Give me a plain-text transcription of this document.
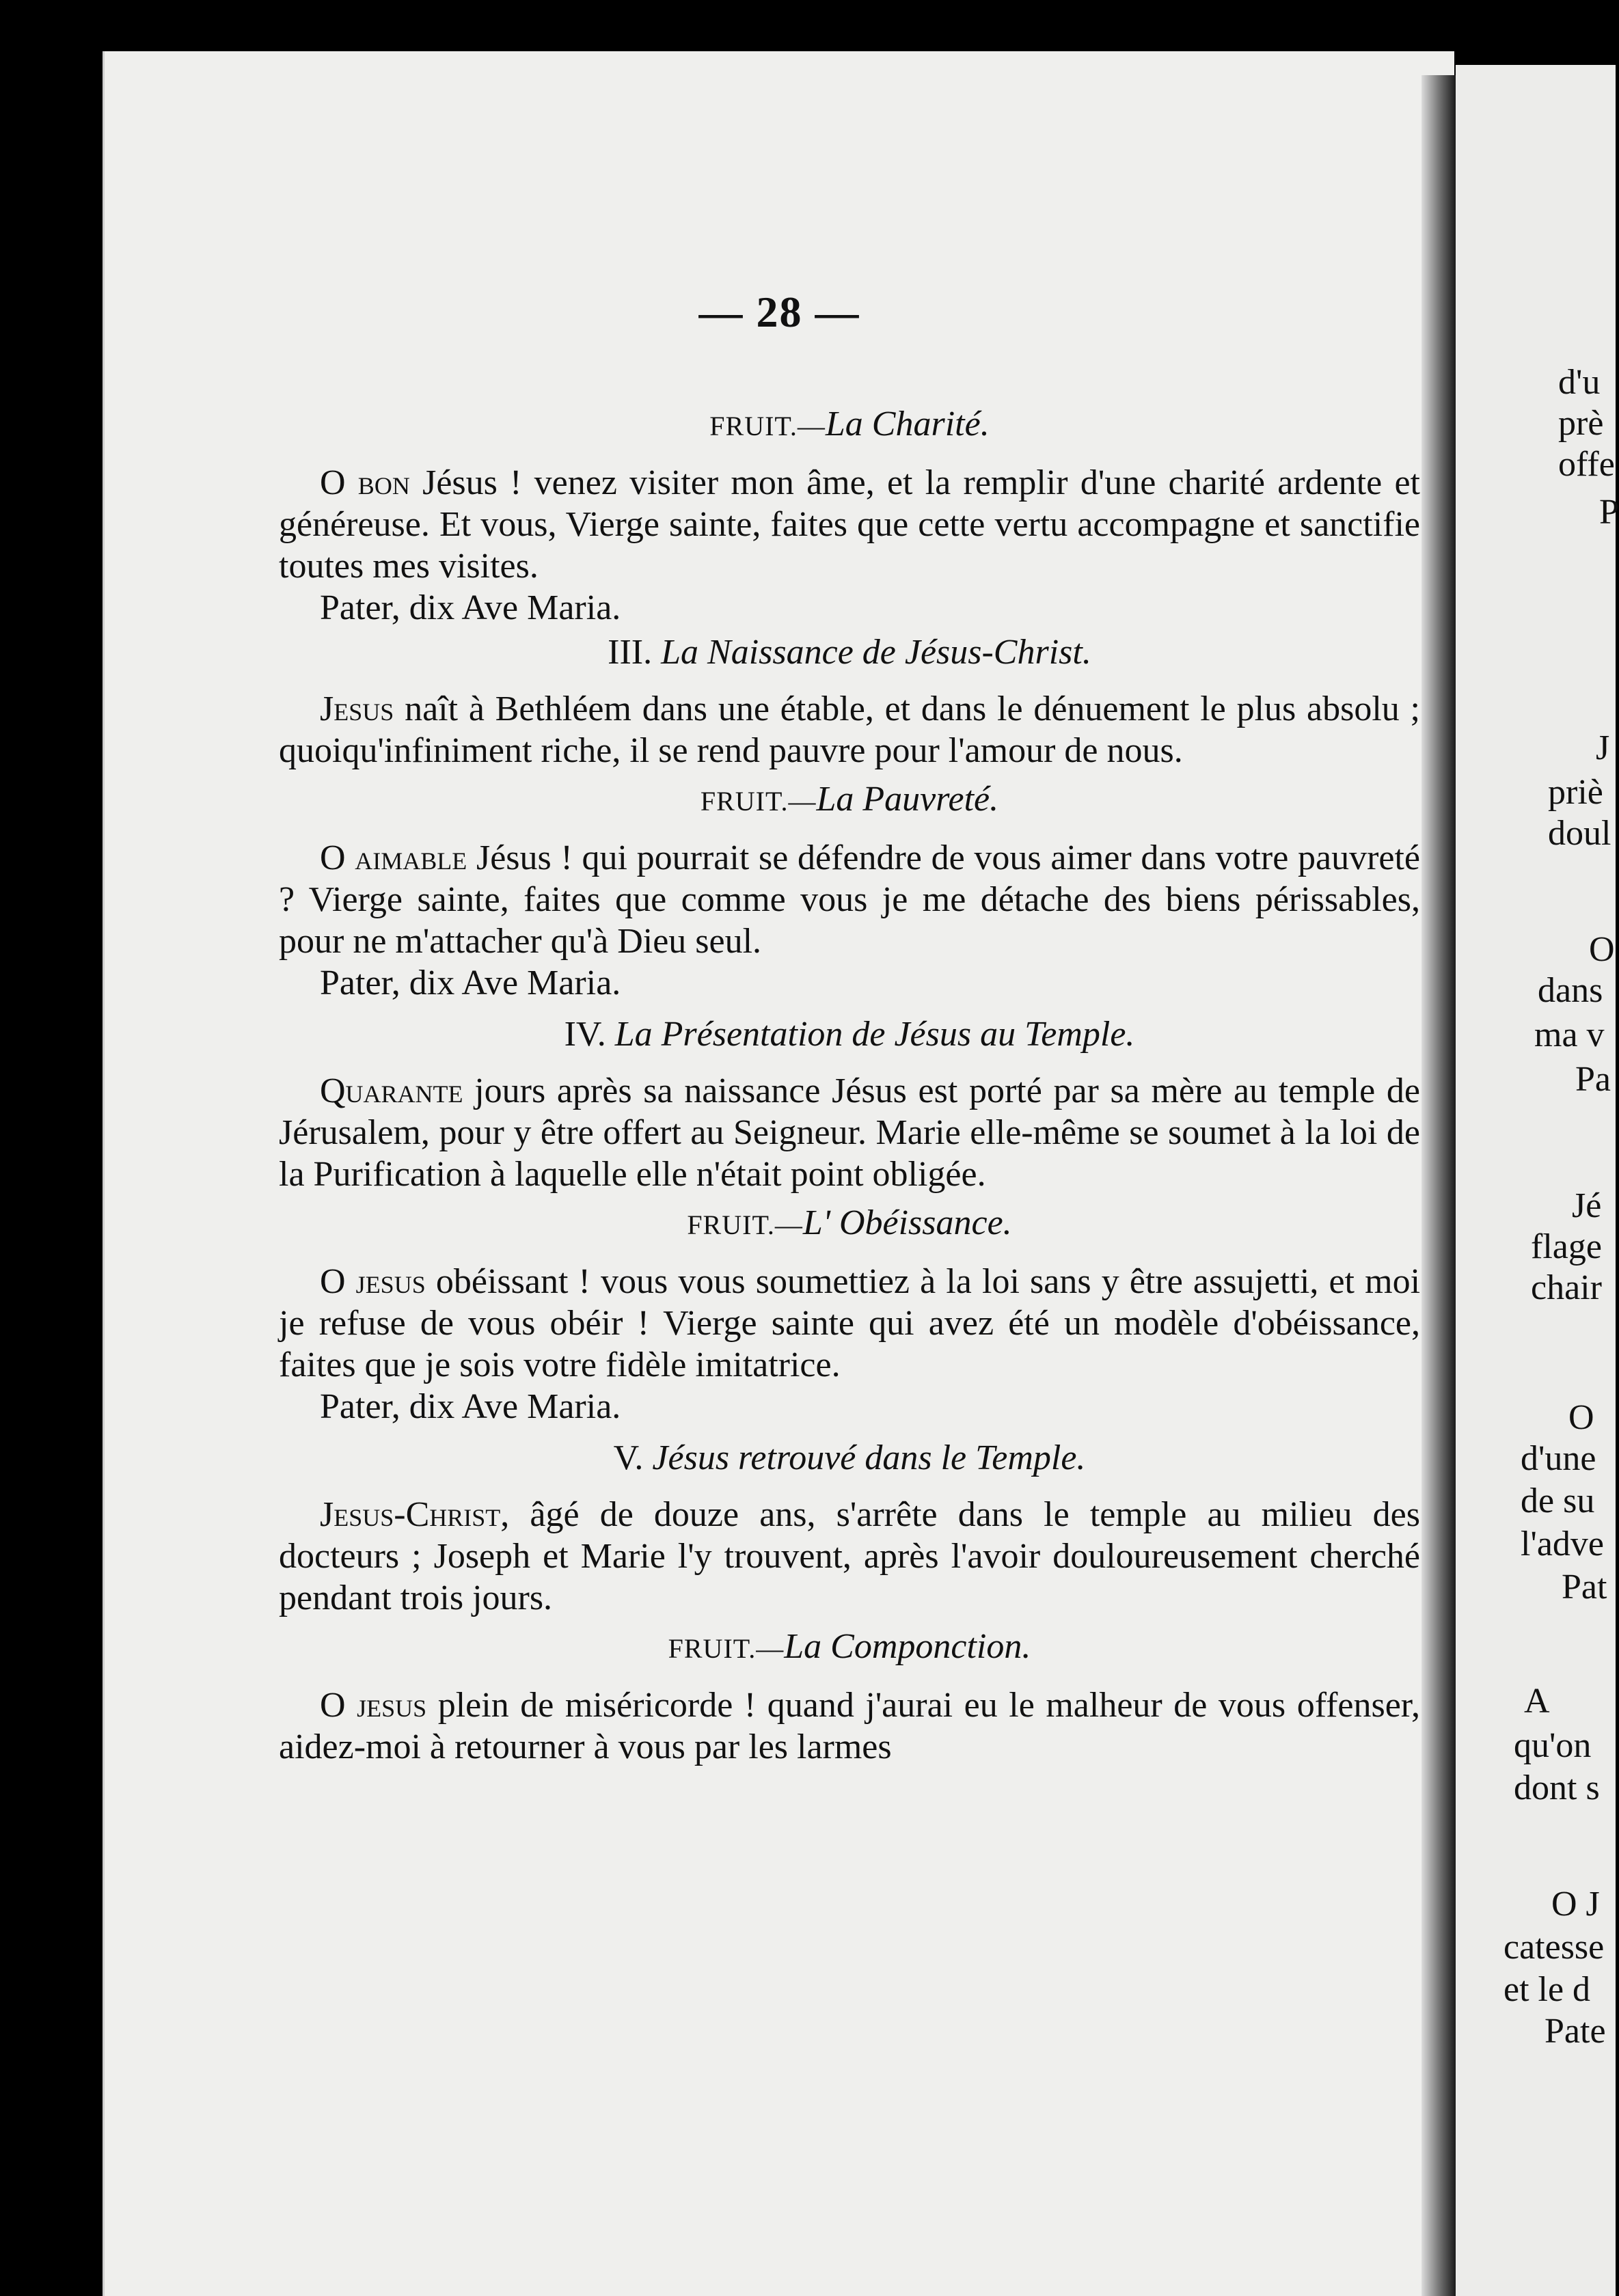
— 28 —

FRUIT.—La Charité.

O bon Jésus ! venez visiter mon âme, et la remplir d'une charité ardente et généreuse. Et vous, Vierge sainte, faites que cette vertu accompagne et sanctifie toutes mes visites.

Pater, dix Ave Maria.

III. La Naissance de Jésus-Christ.

Jesus naît à Bethléem dans une étable, et dans le dénuement le plus absolu ; quoiqu'infiniment riche, il se rend pauvre pour l'amour de nous.

FRUIT.—La Pauvreté.

O aimable Jésus ! qui pourrait se défendre de vous aimer dans votre pauvreté ? Vierge sainte, faites que comme vous je me détache des biens périssables, pour ne m'attacher qu'à Dieu seul.

Pater, dix Ave Maria.

IV. La Présentation de Jésus au Temple.

Quarante jours après sa naissance Jésus est porté par sa mère au temple de Jérusalem, pour y être offert au Seigneur. Marie elle-même se soumet à la loi de la Purification à laquelle elle n'était point obligée.

FRUIT.—L' Obéissance.

O jesus obéissant ! vous vous soumettiez à la loi sans y être assujetti, et moi je refuse de vous obéir ! Vierge sainte qui avez été un modèle d'obéissance, faites que je sois votre fidèle imitatrice.

Pater, dix Ave Maria.

V. Jésus retrouvé dans le Temple.

Jesus-Christ, âgé de douze ans, s'arrête dans le temple au milieu des docteurs ; Joseph et Marie l'y trouvent, après l'avoir douloureusement cherché pendant trois jours.

FRUIT.—La Componction.

O jesus plein de miséricorde ! quand j'aurai eu le malheur de vous offenser, aidez-moi à retourner à vous par les larmes

d'u
prè
offe
P
J
priè
doul
O
dans
ma v
Pa
Jé
flage
chair
O
d'une
de su
l'adve
Pat
A
qu'on
dont s
O J
catesse
et le d
Pate
